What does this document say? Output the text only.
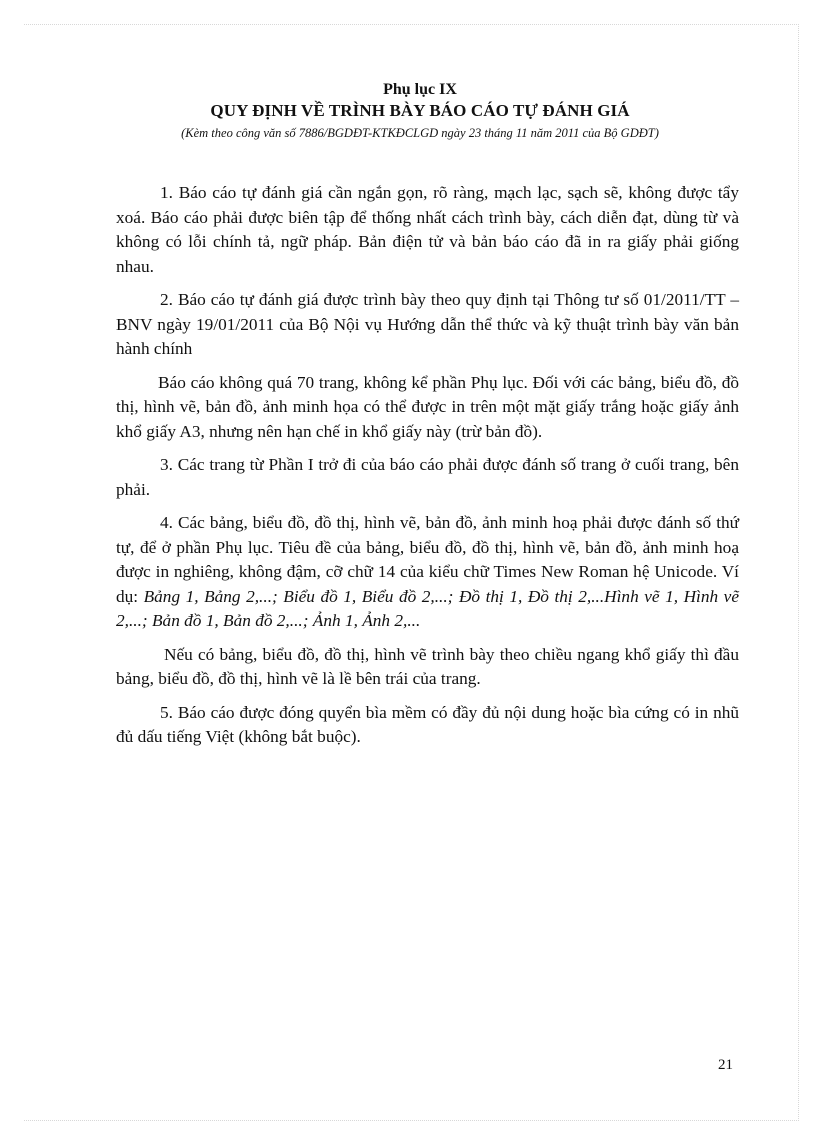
Phụ lục IX
QUY ĐỊNH VỀ TRÌNH BÀY BÁO CÁO TỰ ĐÁNH GIÁ
(Kèm theo công văn số 7886/BGDĐT-KTKĐCLGD ngày 23 tháng 11 năm 2011 của Bộ GDĐT)

1. Báo cáo tự đánh giá cần ngắn gọn, rõ ràng, mạch lạc, sạch sẽ, không được tẩy xoá. Báo cáo phải được biên tập để thống nhất cách trình bày, cách diễn đạt, dùng từ và không có lỗi chính tả, ngữ pháp. Bản điện tử và bản báo cáo đã in ra giấy phải giống nhau.

2. Báo cáo tự đánh giá được trình bày theo quy định tại Thông tư số 01/2011/TT – BNV ngày 19/01/2011 của Bộ Nội vụ Hướng dẫn thể thức và kỹ thuật trình bày văn bản hành chính

Báo cáo không quá 70 trang, không kể phần Phụ lục. Đối với các bảng, biểu đồ, đồ thị, hình vẽ, bản đồ, ảnh minh họa có thể được in trên một mặt giấy trắng hoặc giấy ảnh khổ giấy A3, nhưng nên hạn chế in khổ giấy này (trừ bản đồ).

3. Các trang từ Phần I trở đi của báo cáo phải được đánh số trang ở cuối trang, bên phải.

4. Các bảng, biểu đồ, đồ thị, hình vẽ, bản đồ, ảnh minh hoạ phải được đánh số thứ tự, để ở phần Phụ lục. Tiêu đề của bảng, biểu đồ, đồ thị, hình vẽ, bản đồ, ảnh minh hoạ được in nghiêng, không đậm, cỡ chữ 14 của kiểu chữ Times New Roman hệ Unicode. Ví dụ: Bảng 1, Bảng 2,...; Biểu đồ 1, Biểu đồ 2,...; Đồ thị 1, Đồ thị 2,...Hình vẽ 1, Hình vẽ 2,...; Bản đồ 1, Bản đồ 2,...; Ảnh 1, Ảnh 2,...

Nếu có bảng, biểu đồ, đồ thị, hình vẽ trình bày theo chiều ngang khổ giấy thì đầu bảng, biểu đồ, đồ thị, hình vẽ là lề bên trái của trang.

5. Báo cáo được đóng quyển bìa mềm có đầy đủ nội dung hoặc bìa cứng có in nhũ đủ dấu tiếng Việt (không bắt buộc).

21
